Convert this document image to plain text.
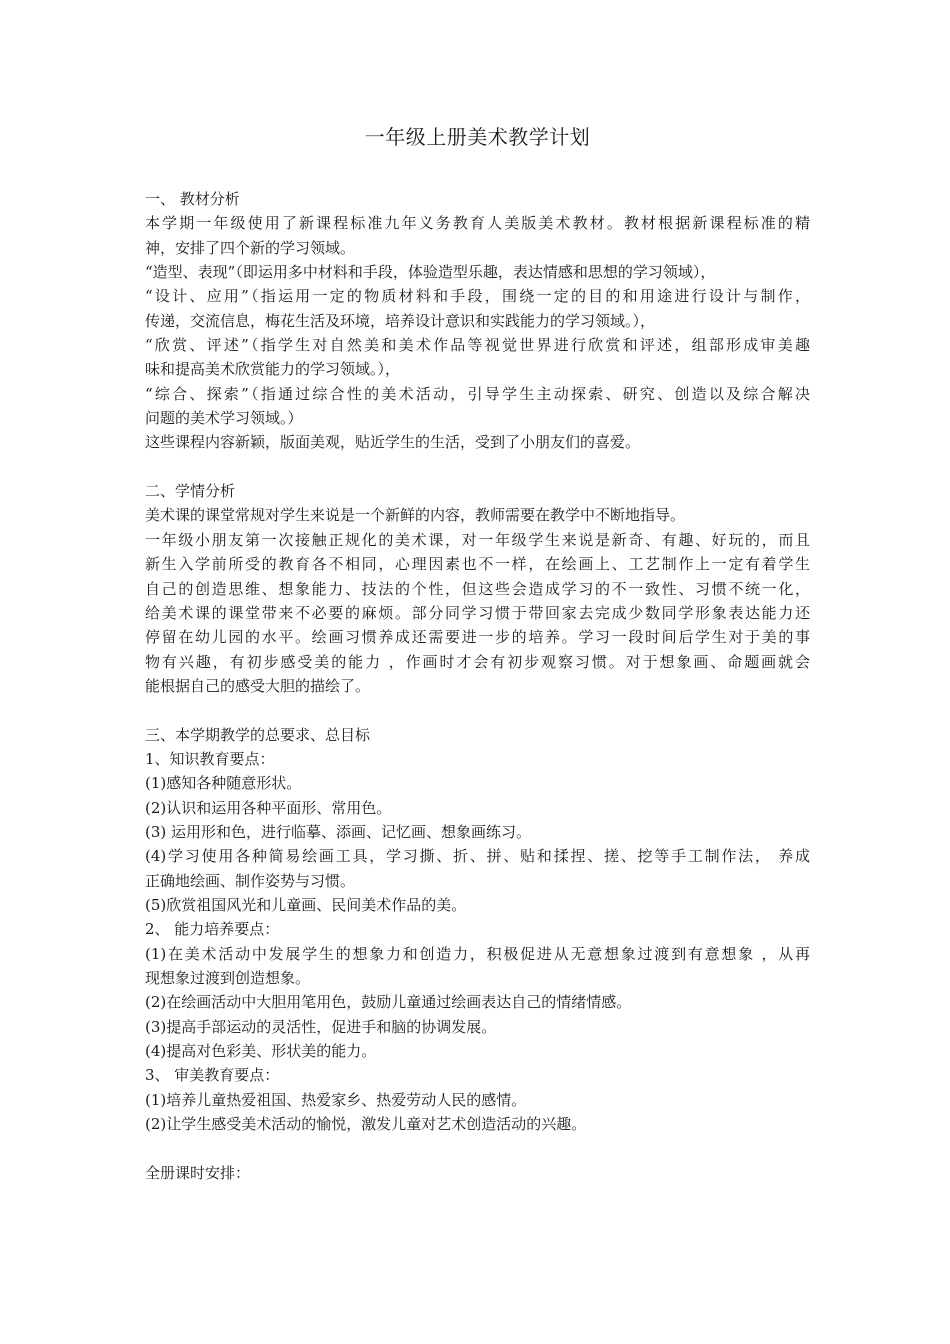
一年级上册美术教学计划
一、 教材分析
本学期一年级使用了新课程标准九年义务教育人美版美术教材。教材根据新课程标准的精
神，安排了四个新的学习领域。
“造型、表现”（即运用多中材料和手段，体验造型乐趣，表达情感和思想的学习领域），
“设计、应用”（指运用一定的物质材料和手段，围绕一定的目的和用途进行设计与制作，
传递，交流信息，梅花生活及环境，培养设计意识和实践能力的学习领域。），
“欣赏、评述”（指学生对自然美和美术作品等视觉世界进行欣赏和评述，组部形成审美趣
味和提高美术欣赏能力的学习领域。），
“综合、探索”（指通过综合性的美术活动，引导学生主动探索、研究、创造以及综合解决
问题的美术学习领域。）
这些课程内容新颖，版面美观，贴近学生的生活，受到了小朋友们的喜爱。
二、学情分析
美术课的课堂常规对学生来说是一个新鲜的内容，教师需要在教学中不断地指导。
一年级小朋友第一次接触正规化的美术课，对一年级学生来说是新奇、有趣、好玩的，而且
新生入学前所受的教育各不相同，心理因素也不一样，在绘画上、工艺制作上一定有着学生
自己的创造思维、想象能力、技法的个性，但这些会造成学习的不一致性、习惯不统一化，
给美术课的课堂带来不必要的麻烦。部分同学习惯于带回家去完成少数同学形象表达能力还
停留在幼儿园的水平。绘画习惯养成还需要进一步的培养。学习一段时间后学生对于美的事
物有兴趣，有初步感受美的能力 ，作画时才会有初步观察习惯。对于想象画、命题画就会
能根据自己的感受大胆的描绘了。
三、本学期教学的总要求、总目标
1、知识教育要点：
(1)感知各种随意形状。
(2)认识和运用各种平面形、常用色。
(3) 运用形和色，进行临摹、添画、记忆画、想象画练习。
(4)学习使用各种简易绘画工具，学习撕、折、拼、贴和揉捏、搓、挖等手工制作法， 养成
正确地绘画、制作姿势与习惯。
(5)欣赏祖国风光和儿童画、民间美术作品的美。
2、 能力培养要点：
(1)在美术活动中发展学生的想象力和创造力，积极促进从无意想象过渡到有意想象 ，从再
现想象过渡到创造想象。
(2)在绘画活动中大胆用笔用色，鼓励儿童通过绘画表达自己的情绪情感。
(3)提高手部运动的灵活性，促进手和脑的协调发展。
(4)提高对色彩美、形状美的能力。
3、 审美教育要点：
(1)培养儿童热爱祖国、热爱家乡、热爱劳动人民的感情。
(2)让学生感受美术活动的愉悦，激发儿童对艺术创造活动的兴趣。
全册课时安排：
